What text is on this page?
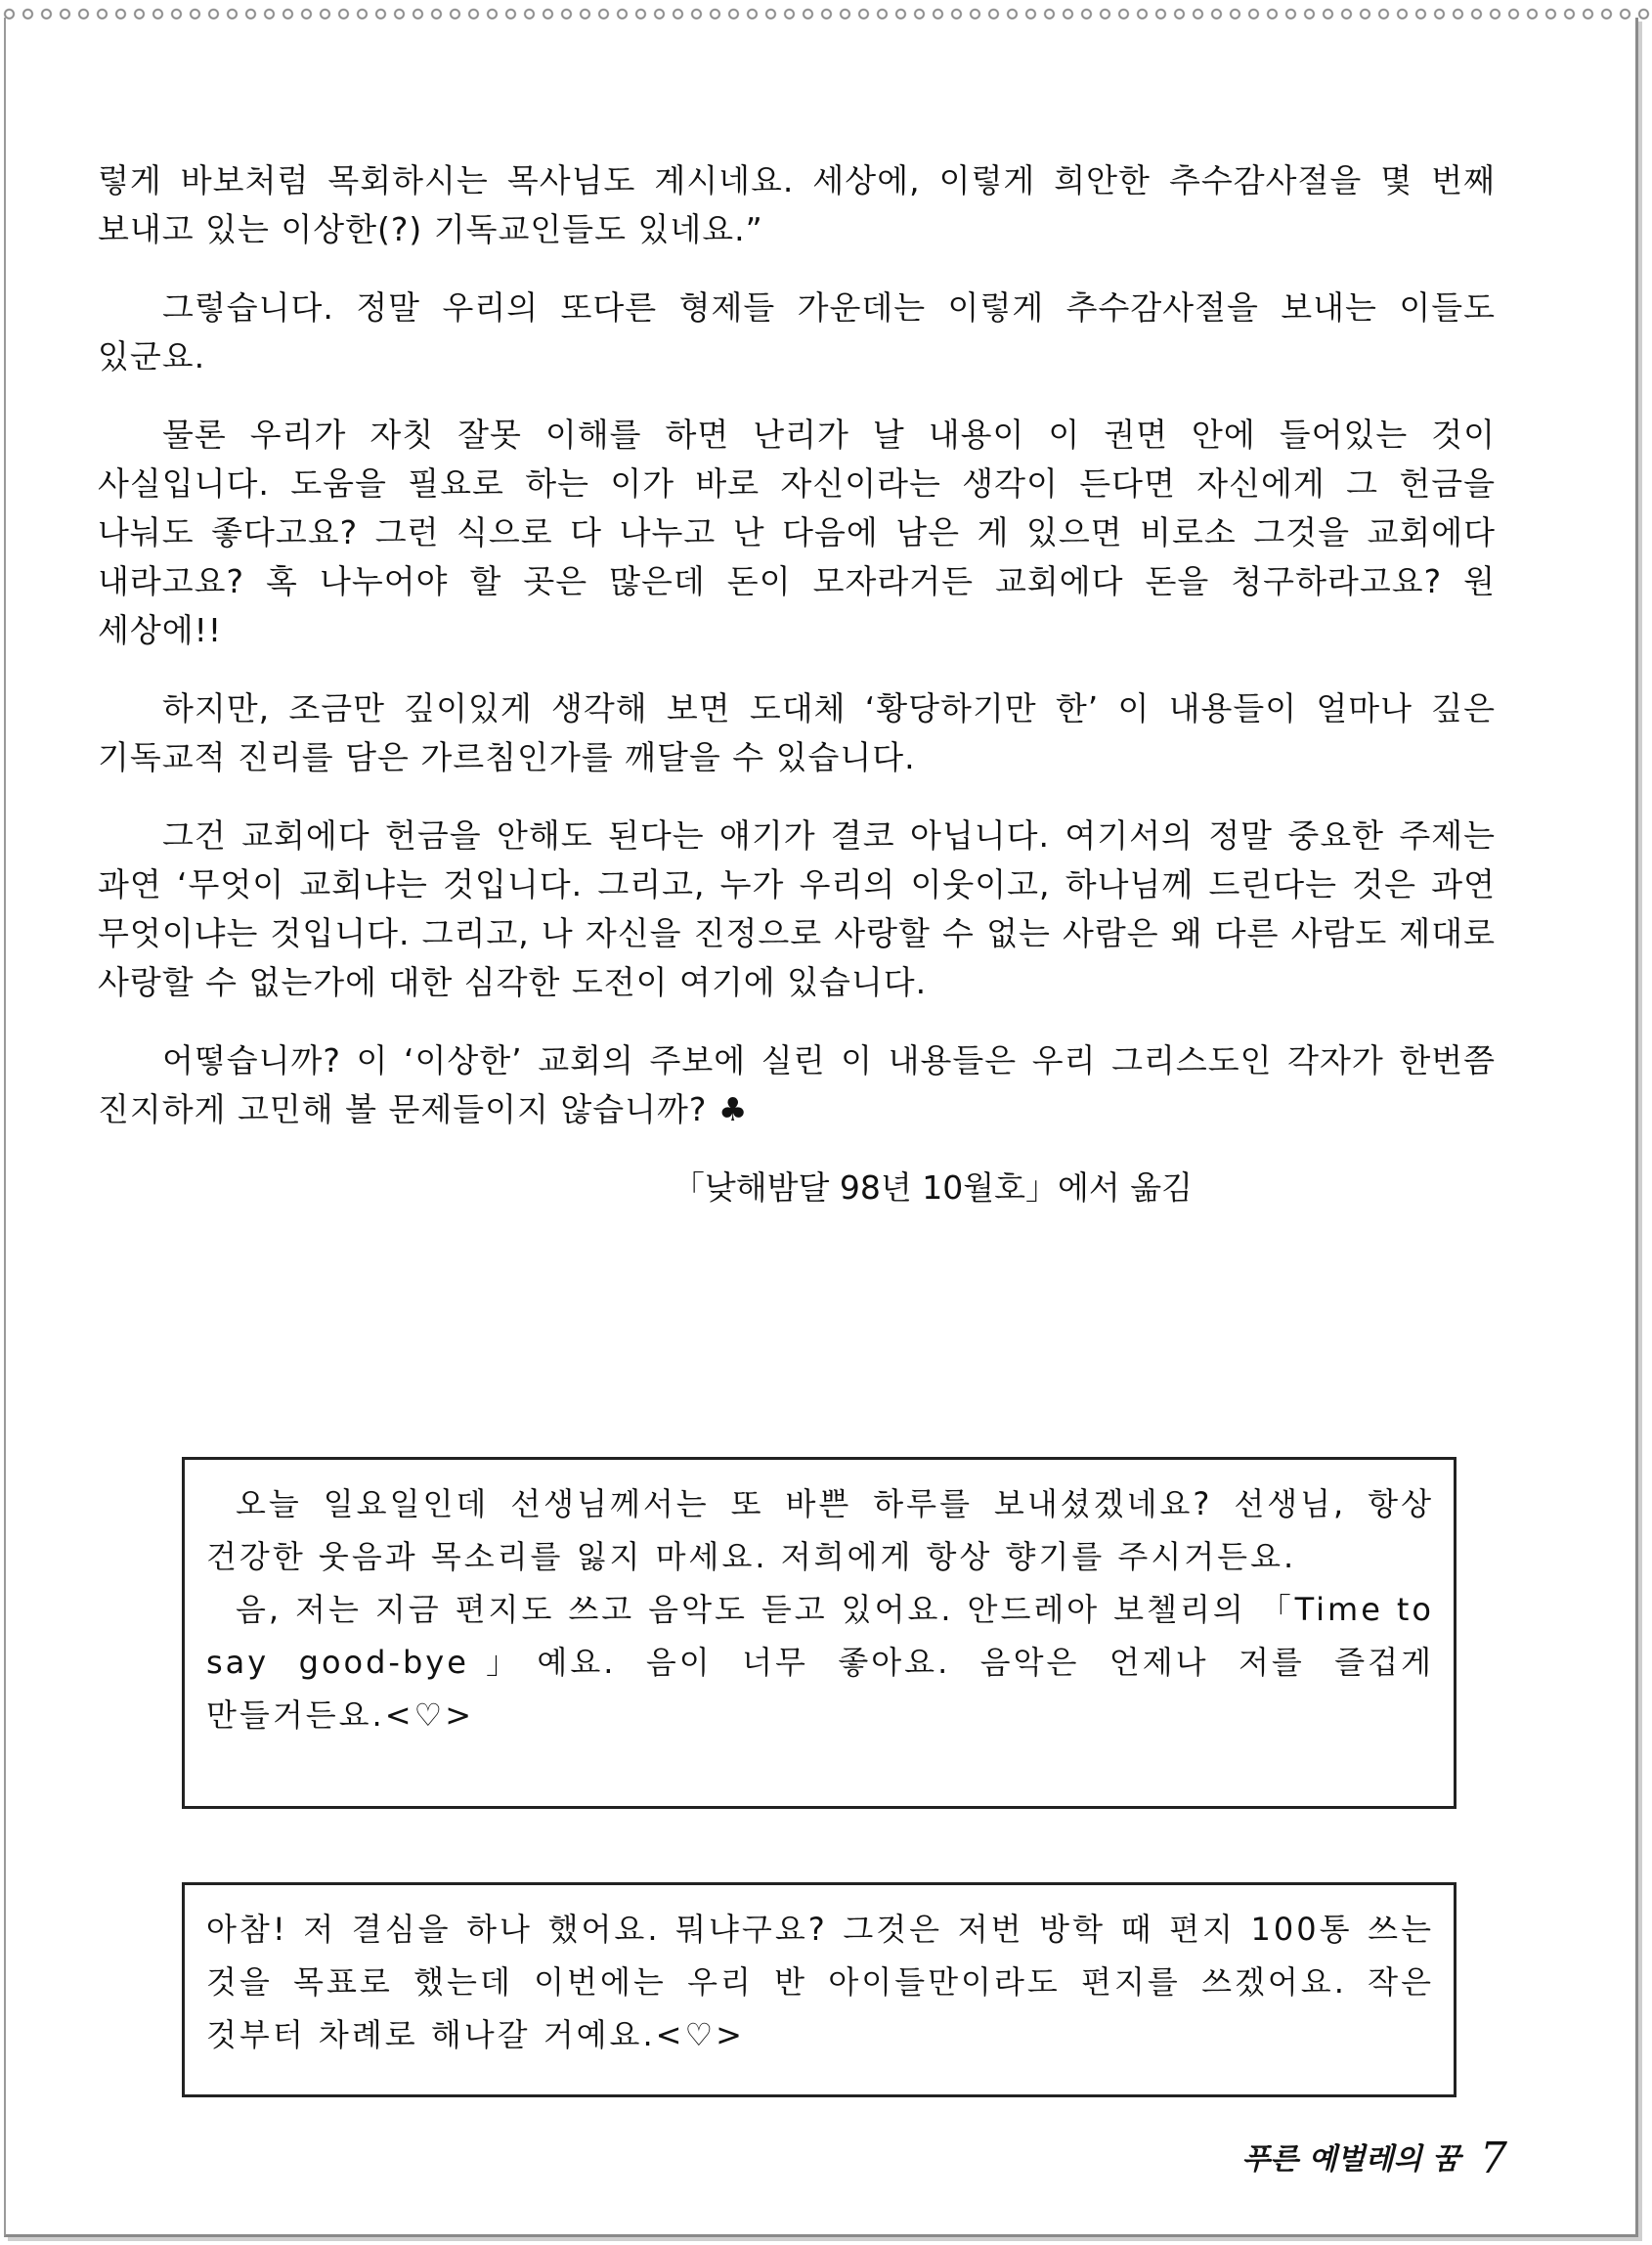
렇게 바보처럼 목회하시는 목사님도 계시네요. 세상에, 이렇게 희안한 추수감사절을 몇 번째 보내고 있는 이상한(?) 기독교인들도 있네요.”

그렇습니다. 정말 우리의 또다른 형제들 가운데는 이렇게 추수감사절을 보내는 이들도 있군요.

물론 우리가 자칫 잘못 이해를 하면 난리가 날 내용이 이 권면 안에 들어있는 것이 사실입니다. 도움을 필요로 하는 이가 바로 자신이라는 생각이 든다면 자신에게 그 헌금을 나눠도 좋다고요? 그런 식으로 다 나누고 난 다음에 남은 게 있으면 비로소 그것을 교회에다 내라고요? 혹 나누어야 할 곳은 많은데 돈이 모자라거든 교회에다 돈을 청구하라고요? 원 세상에!!

하지만, 조금만 깊이있게 생각해 보면 도대체 ‘황당하기만 한’ 이 내용들이 얼마나 깊은 기독교적 진리를 담은 가르침인가를 깨달을 수 있습니다.

그건 교회에다 헌금을 안해도 된다는 얘기가 결코 아닙니다. 여기서의 정말 중요한 주제는 과연 ‘무엇이 교회냐는 것입니다. 그리고, 누가 우리의 이웃이고, 하나님께 드린다는 것은 과연 무엇이냐는 것입니다. 그리고, 나 자신을 진정으로 사랑할 수 없는 사람은 왜 다른 사람도 제대로 사랑할 수 없는가에 대한 심각한 도전이 여기에 있습니다.

어떻습니까? 이 ‘이상한’ 교회의 주보에 실린 이 내용들은 우리 그리스도인 각자가 한번쯤 진지하게 고민해 볼 문제들이지 않습니까? ♣

「낮해밤달 98년 10월호」에서 옮김

오늘 일요일인데 선생님께서는 또 바쁜 하루를 보내셨겠네요? 선생님, 항상 건강한 웃음과 목소리를 잃지 마세요. 저희에게 항상 향기를 주시거든요.

음, 저는 지금 편지도 쓰고 음악도 듣고 있어요. 안드레아 보첼리의 「Time to say good-bye」예요. 음이 너무 좋아요. 음악은 언제나 저를 즐겁게 만들거든요.<♡>

아참! 저 결심을 하나 했어요. 뭐냐구요? 그것은 저번 방학 때 편지 100통 쓰는 것을 목표로 했는데 이번에는 우리 반 아이들만이라도 편지를 쓰겠어요. 작은 것부터 차례로 해나갈 거예요.<♡>

푸른 예벌레의 꿈 7
